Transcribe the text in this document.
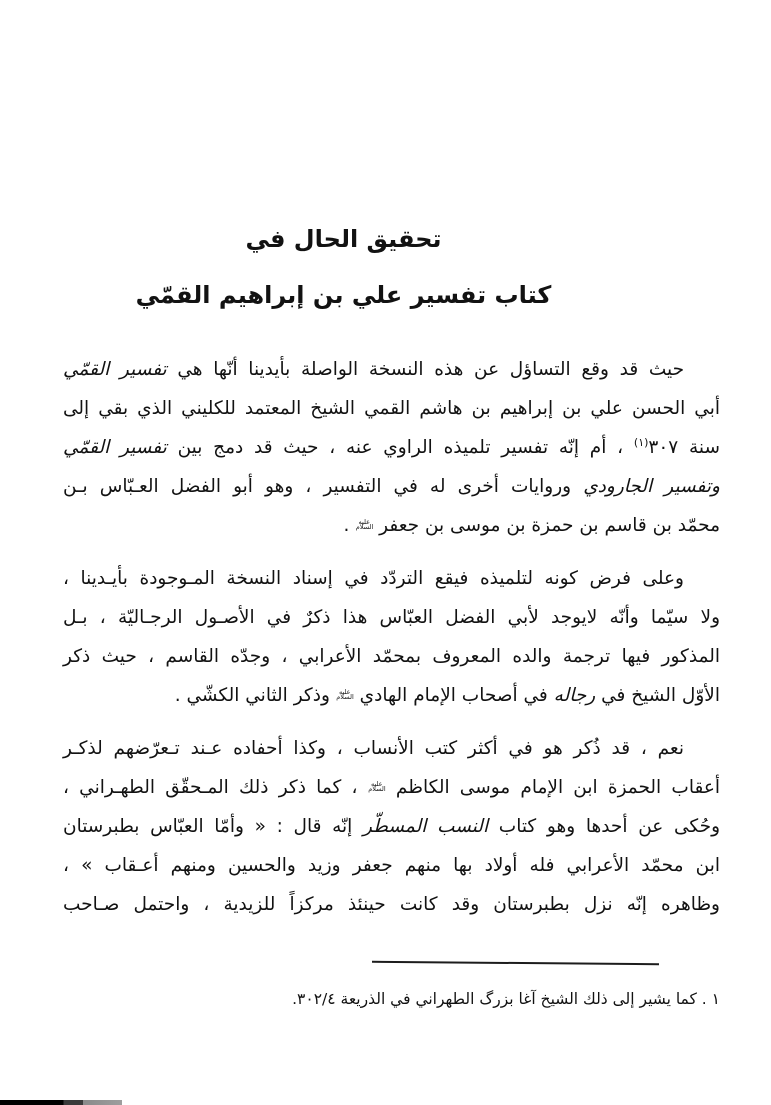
تحقيق الحال في
كتاب تفسير علي بن إبراهيم القمّي
حيث قد وقع التساؤل عن هذه النسخة الواصلة بأيدينا أنّها هي تفسير القمّي
أبي الحسن علي بن إبراهيم بن هاشم القمي الشيخ المعتمد للكليني الذي بقي إلى
سنة ٣٠٧$^{(١)}$ ، أم إنّه تفسير تلميذه الراوي عنه ، حيث قد دمج بين تفسير القمّي
وتفسير الجارودي وروايات أخرى له في التفسير ، وهو أبو الفضل العـبّاس بـن
محمّد بن قاسم بن حمزة بن موسى بن جعفر عليه السلام .
وعلى فرض كونه لتلميذه فيقع التردّد في إسناد النسخة المـوجودة بأيـدينا ،
ولا سيّما وأنّه لايوجد لأبي الفضل العبّاس هذا ذكرٌ في الأصـول الرجـاليّة ، بـل
المذكور فيها ترجمة والده المعروف بمحمّد الأعرابي ، وجدّه القاسم ، حيث ذكر
الأوّل الشيخ في رجاله في أصحاب الإمام الهادي عليه السلام وذكر الثاني الكشّي .
نعم ، قد ذُكر هو في أكثر كتب الأنساب ، وكذا أحفاده عـند تـعرّضهم لذكـر
أعقاب الحمزة ابن الإمام موسى الكاظم عليه السلام ، كما ذكر ذلك المـحقّق الطهـراني ،
وحُكى عن أحدها وهو كتاب النسب المسطّر إنّه قال : « وأمّا العبّاس بطبرستان
ابن محمّد الأعرابي فله أولاد بها منهم جعفر وزيد والحسين ومنهم أعـقاب » ،
وظاهره إنّه نزل بطبرستان وقد كانت حينئذ مركزاً للزيدية ، واحتمل صـاحب
١ . كما يشير إلى ذلك الشيخ آغا بزرگ الطهراني في الذريعة ٣٠٢/٤.
